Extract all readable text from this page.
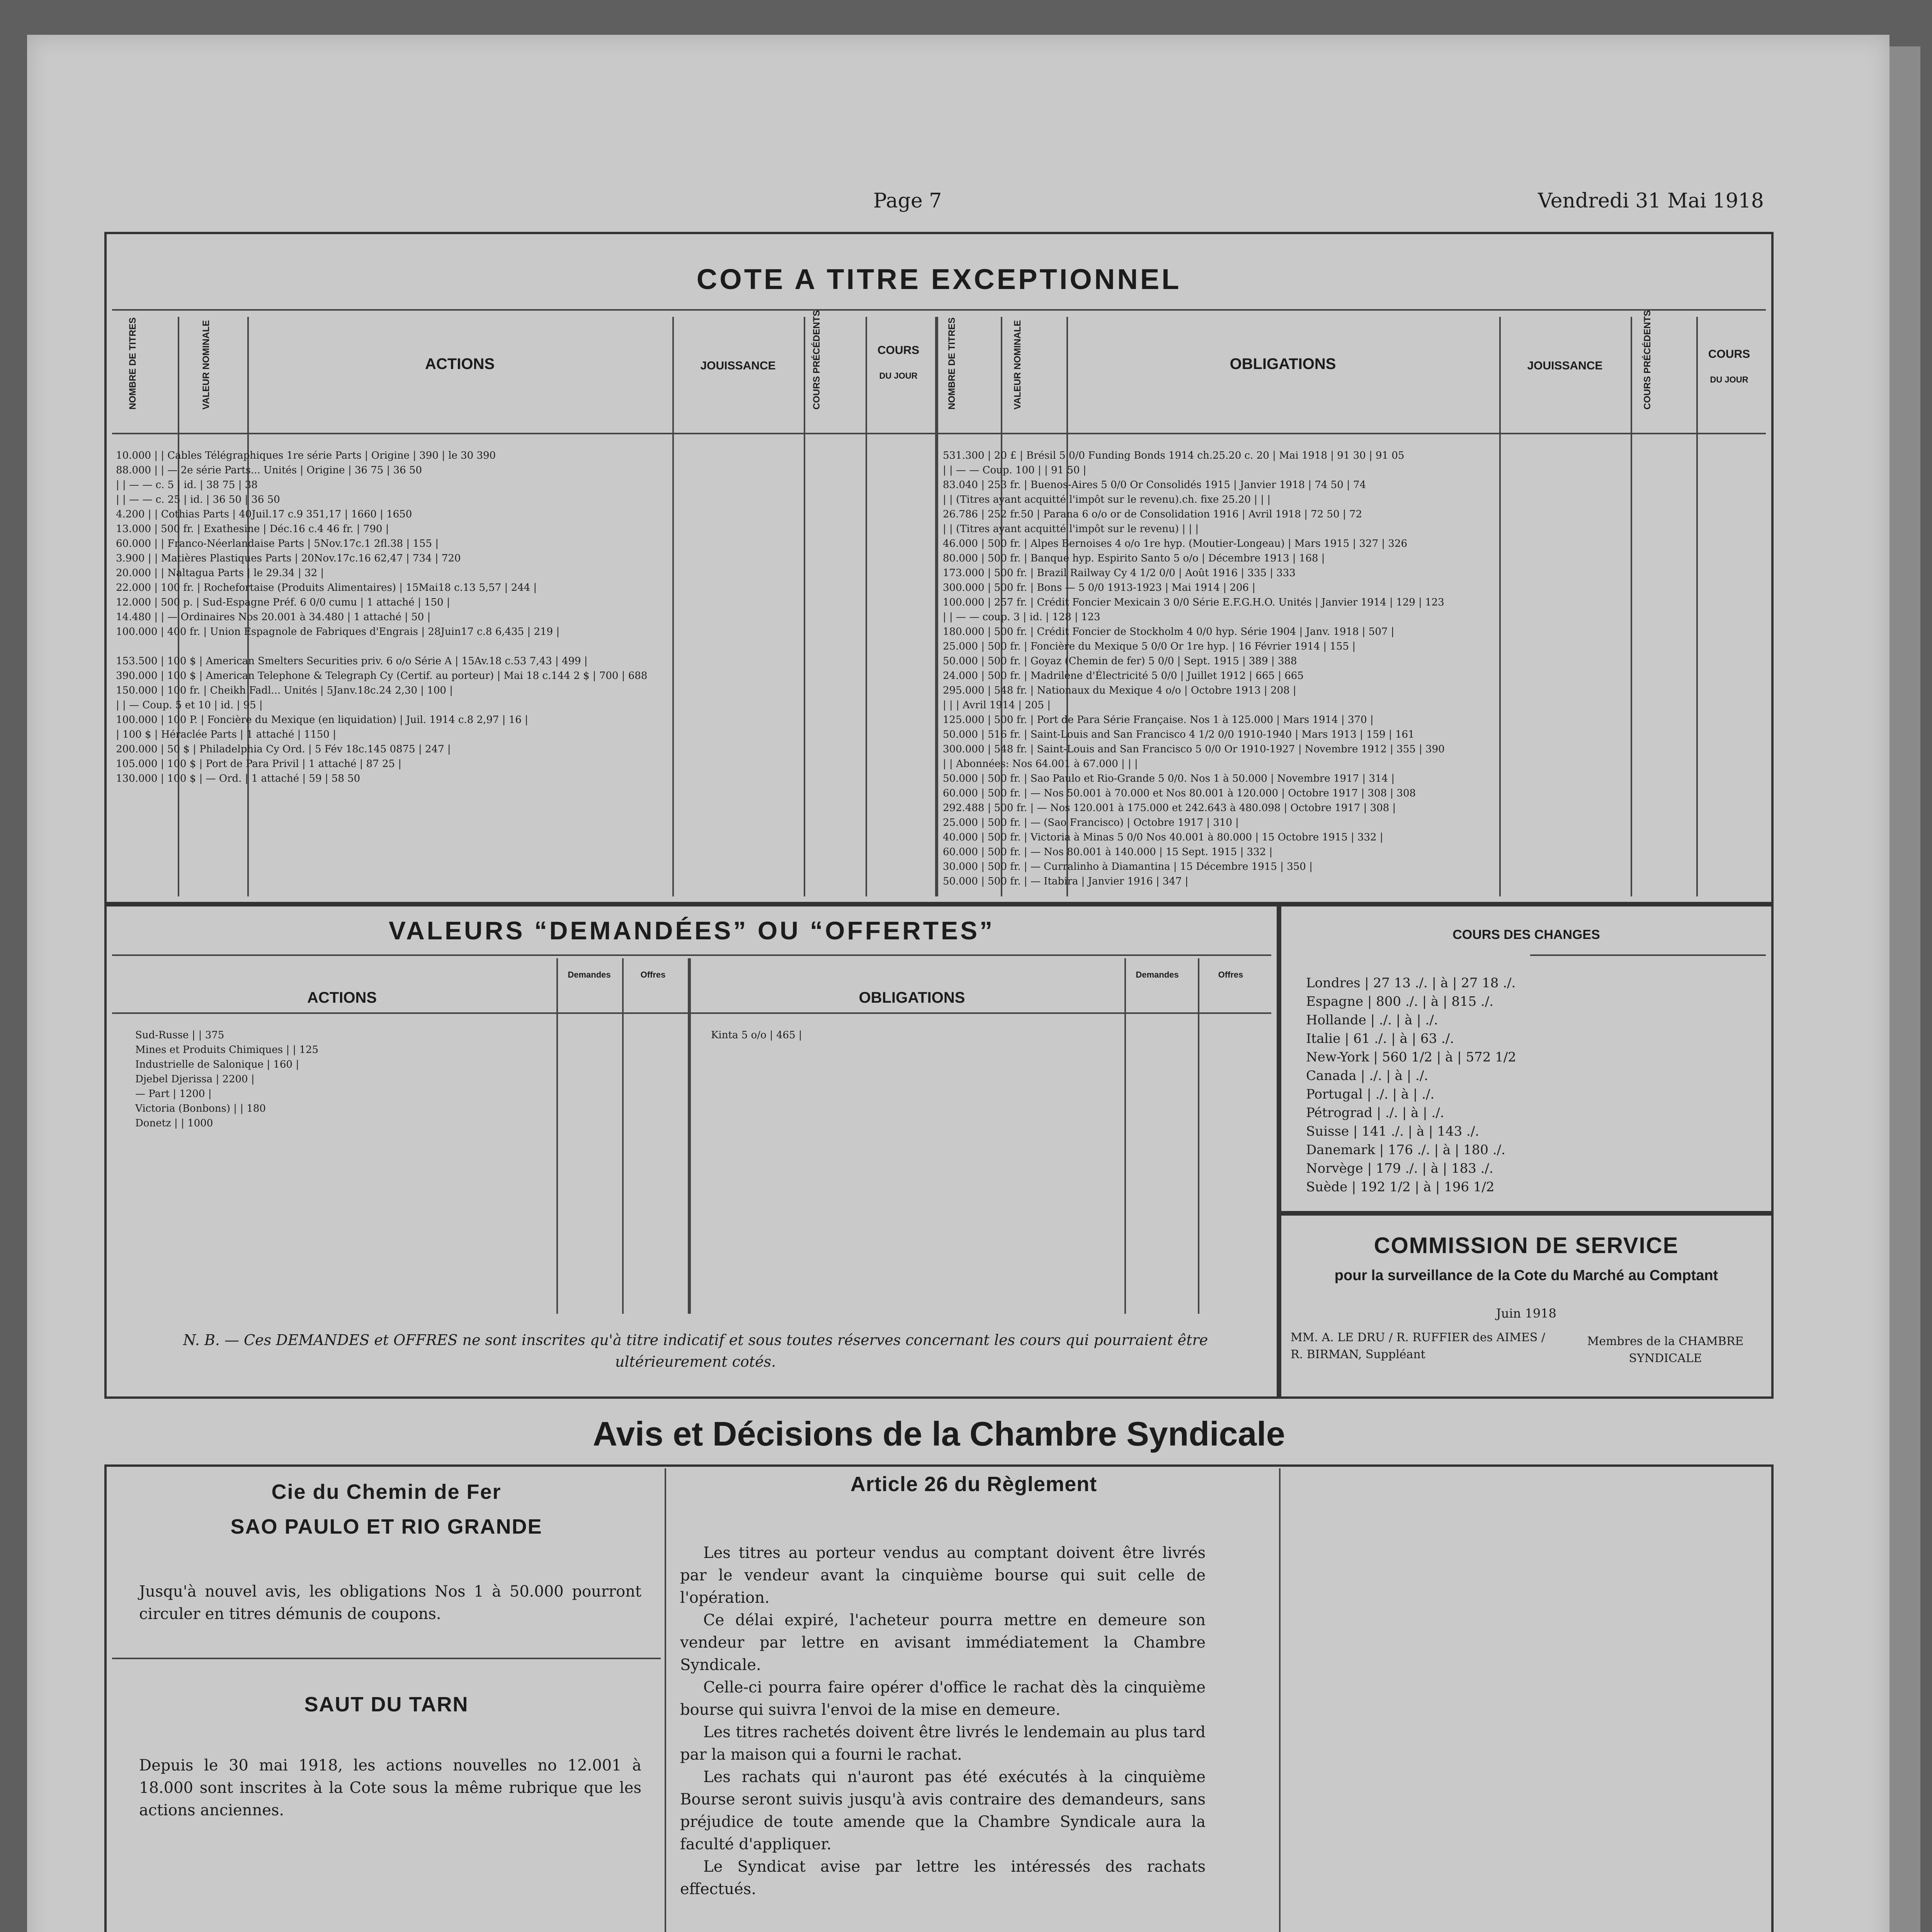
Page 7	Vendredi 31 Mai 1918
COTE A TITRE EXCEPTIONNEL
NOMBRE DE TITRES	VALEUR NOMINALE	ACTIONS	JOUISSANCE	COURS PRÉCÉDENTS	COURS
DU JOUR	NOMBRE DE TITRES	VALEUR NOMINALE	OBLIGATIONS	JOUISSANCE	COURS PRÉCÉDENTS	COURS
DU JOUR
10.000 | | Cables Télégraphiques 1re série Parts | Origine | 390 | le 30 390
88.000 | | — 2e série Parts... Unités | Origine | 36 75 | 36 50
| | — — c. 5 | id. | 38 75 | 38
| | — — c. 25 | id. | 36 50 | 36 50
4.200 | | Cothias Parts | 40Juil.17 c.9 351,17 | 1660 | 1650
13.000 | 500 fr. | Exathesine | Déc.16 c.4 46 fr. | 790 |
60.000 | | Franco-Néerlandaise Parts | 5Nov.17c.1 2fl.38 | 155 |
3.900 | | Matières Plastiques Parts | 20Nov.17c.16 62,47 | 734 | 720
20.000 | | Naltagua Parts | le 29.34 | 32 |
22.000 | 100 fr. | Rochefortaise (Produits Alimentaires) | 15Mai18 c.13 5,57 | 244 |
12.000 | 500 p. | Sud-Espagne Préf. 6 0/0 cumu | 1 attaché | 150 |
14.480 | | — Ordinaires Nos 20.001 à 34.480 | 1 attaché | 50 |
100.000 | 400 fr. | Union Espagnole de Fabriques d'Engrais | 28Juin17 c.8 6,435 | 219 |
153.500 | 100 $ | American Smelters Securities priv. 6 o/o Série A | 15Av.18 c.53 7,43 | 499 |
390.000 | 100 $ | American Telephone & Telegraph Cy (Certif. au porteur) | Mai 18 c.144 2 $ | 700 | 688
150.000 | 100 fr. | Cheikh Fadl... Unités | 5Janv.18c.24 2,30 | 100 |
| | — Coup. 5 et 10 | id. | 95 |
100.000 | 100 P. | Foncière du Mexique (en liquidation) | Juil. 1914 c.8 2,97 | 16 |
| 100 $ | Héraclée Parts | 1 attaché | 1150 |
200.000 | 50 $ | Philadelphia Cy Ord. | 5 Fév 18c.145 0875 | 247 |
105.000 | 100 $ | Port de Para Privil | 1 attaché | 87 25 |
130.000 | 100 $ | — Ord. | 1 attaché | 59 | 58 50
531.300 | 20 £ | Brésil 5 0/0 Funding Bonds 1914 ch.25.20 c. 20 | Mai 1918 | 91 30 | 91 05
| | — — Coup. 100 | | 91 50 |
83.040 | 253 fr. | Buenos-Aires 5 0/0 Or Consolidés 1915 | Janvier 1918 | 74 50 | 74
| | (Titres ayant acquitté l'impôt sur le revenu).ch. fixe 25.20 | | |
26.786 | 252 fr.50 | Parana 6 o/o or de Consolidation 1916 | Avril 1918 | 72 50 | 72
| | (Titres ayant acquitté l'impôt sur le revenu) | | |
46.000 | 500 fr. | Alpes Bernoises 4 o/o 1re hyp. (Moutier-Longeau) | Mars 1915 | 327 | 326
80.000 | 500 fr. | Banque hyp. Espirito Santo 5 o/o | Décembre 1913 | 168 |
173.000 | 500 fr. | Brazil Railway Cy 4 1/2 0/0 | Août 1916 | 335 | 333
300.000 | 500 fr. | Bons — 5 0/0 1913-1923 | Mai 1914 | 206 |
100.000 | 257 fr. | Crédit Foncier Mexicain 3 0/0 Série E.F.G.H.O. Unités | Janvier 1914 | 129 | 123
| | — — coup. 3 | id. | 128 | 123
180.000 | 500 fr. | Crédit Foncier de Stockholm 4 0/0 hyp. Série 1904 | Janv. 1918 | 507 |
25.000 | 500 fr. | Foncière du Mexique 5 0/0 Or 1re hyp. | 16 Février 1914 | 155 |
50.000 | 500 fr. | Goyaz (Chemin de fer) 5 0/0 | Sept. 1915 | 389 | 388
24.000 | 500 fr. | Madrilène d'Électricité 5 0/0 | Juillet 1912 | 665 | 665
295.000 | 548 fr. | Nationaux du Mexique 4 o/o | Octobre 1913 | 208 |
| | | Avril 1914 | 205 |
125.000 | 500 fr. | Port de Para Série Française. Nos 1 à 125.000 | Mars 1914 | 370 |
50.000 | 516 fr. | Saint-Louis and San Francisco 4 1/2 0/0 1910-1940 | Mars 1913 | 159 | 161
300.000 | 548 fr. | Saint-Louis and San Francisco 5 0/0 Or 1910-1927 | Novembre 1912 | 355 | 390
| | Abonnées: Nos 64.001 à 67.000 | | |
50.000 | 500 fr. | Sao Paulo et Rio-Grande 5 0/0. Nos 1 à 50.000 | Novembre 1917 | 314 |
60.000 | 500 fr. | — Nos 50.001 à 70.000 et Nos 80.001 à 120.000 | Octobre 1917 | 308 | 308
292.488 | 500 fr. | — Nos 120.001 à 175.000 et 242.643 à 480.098 | Octobre 1917 | 308 |
25.000 | 500 fr. | — (Sao Francisco) | Octobre 1917 | 310 |
40.000 | 500 fr. | Victoria à Minas 5 0/0 Nos 40.001 à 80.000 | 15 Octobre 1915 | 332 |
60.000 | 500 fr. | — Nos 80.001 à 140.000 | 15 Sept. 1915 | 332 |
30.000 | 500 fr. | — Curralinho à Diamantina | 15 Décembre 1915 | 350 |
50.000 | 500 fr. | — Itabira | Janvier 1916 | 347 |
VALEURS “DEMANDÉES” OU “OFFERTES”
ACTIONS
Demandes	Offres
OBLIGATIONS
Demandes	Offres
Sud-Russe | | 375
Mines et Produits Chimiques | | 125
Industrielle de Salonique | 160 |
Djebel Djerissa | 2200 |
— Part | 1200 |
Victoria (Bonbons) | | 180
Donetz | | 1000
Kinta 5 o/o | 465 |
N. B. — Ces DEMANDES et OFFRES ne sont inscrites qu'à titre indicatif et sous toutes réserves concernant les cours qui pourraient être ultérieurement cotés.
COURS DES CHANGES
Londres | 27 13 ./. | à | 27 18 ./.
Espagne | 800 ./. | à | 815 ./.
Hollande | ./. | à | ./.
Italie | 61 ./. | à | 63 ./.
New-York | 560 1/2 | à | 572 1/2
Canada | ./. | à | ./.
Portugal | ./. | à | ./.
Pétrograd | ./. | à | ./.
Suisse | 141 ./. | à | 143 ./.
Danemark | 176 ./. | à | 180 ./.
Norvège | 179 ./. | à | 183 ./.
Suède | 192 1/2 | à | 196 1/2
COMMISSION DE SERVICE
pour la surveillance de la Cote du Marché au Comptant
Juin 1918
MM. A. LE DRU / R. RUFFIER des AIMES / R. BIRMAN, Suppléant
Membres de la CHAMBRE SYNDICALE
Avis et Décisions de la Chambre Syndicale
Cie du Chemin de Fer
SAO PAULO ET RIO GRANDE
Jusqu'à nouvel avis, les obligations Nos 1 à 50.000 pourront circuler en titres démunis de coupons.
SAUT DU TARN
Depuis le 30 mai 1918, les actions nouvelles no 12.001 à 18.000 sont inscrites à la Cote sous la même rubrique que les actions anciennes.
Article 26 du Règlement
Les titres au porteur vendus au comptant doivent être livrés par le vendeur avant la cinquième bourse qui suit celle de l'opération.
Ce délai expiré, l'acheteur pourra mettre en demeure son vendeur par lettre en avisant immédiatement la Chambre Syndicale.
Celle-ci pourra faire opérer d'office le rachat dès la cinquième bourse qui suivra l'envoi de la mise en demeure.
Les titres rachetés doivent être livrés le lendemain au plus tard par la maison qui a fourni le rachat.
Les rachats qui n'auront pas été exécutés à la cinquième Bourse seront suivis jusqu'à avis contraire des demandeurs, sans préjudice de toute amende que la Chambre Syndicale aura la faculté d'appliquer.
Le Syndicat avise par lettre les intéressés des rachats effectués.
